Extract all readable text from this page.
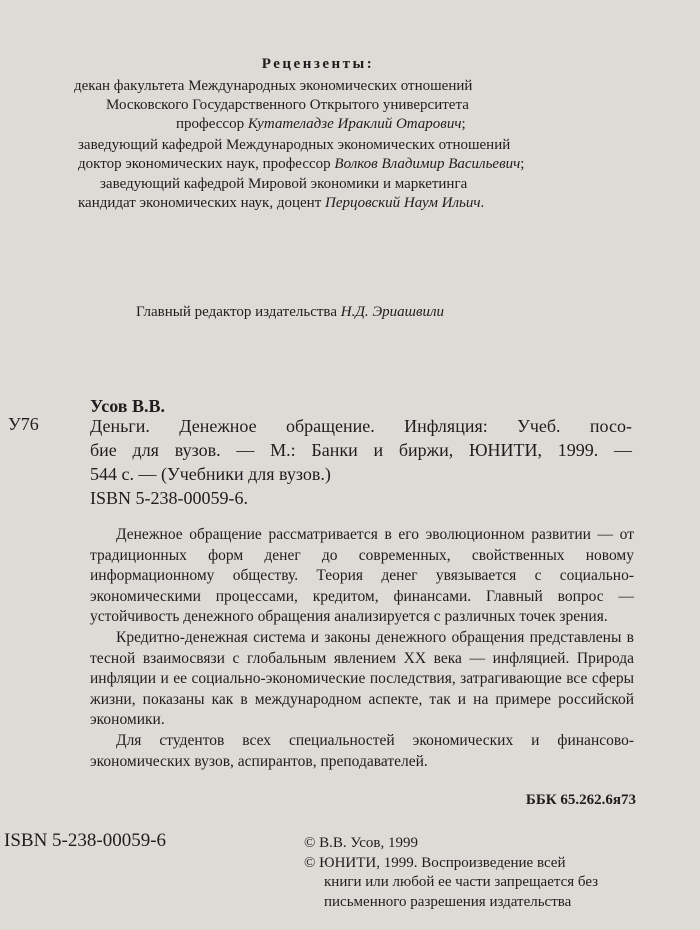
Рецензенты:
декан факультета Международных экономических отношений
Московского Государственного Открытого университета
профессор Кутателадзе Ираклий Отарович;
заведующий кафедрой Международных экономических отношений
доктор экономических наук, профессор Волков Владимир Васильевич;
заведующий кафедрой Мировой экономики и маркетинга
кандидат экономических наук, доцент Перцовский Наум Ильич.
Главный редактор издательства Н.Д. Эриашвили
Усов В.В.
У76	Деньги. Денежное обращение. Инфляция: Учеб. посо-

бие для вузов. — М.: Банки и биржи, ЮНИТИ, 1999. —

544 с. — (Учебники для вузов.)

ISBN 5-238-00059-6.

Денежное обращение рассматривается в его эволюционном развитии — от традиционных форм денег до современных, свойственных новому информационному обществу. Теория денег увязывается с социально-экономическими процессами, кредитом, финансами. Главный вопрос — устойчивость денежного обращения анализируется с различных точек зрения.

Кредитно-денежная система и законы денежного обращения представлены в тесной взаимосвязи с глобальным явлением XX века — инфляцией. Природа инфляции и ее социально-экономические последствия, затрагивающие все сферы жизни, показаны как в международном аспекте, так и на примере российской экономики.

Для студентов всех специальностей экономических и финансово-экономических вузов, аспирантов, преподавателей.

ББК 65.262.6я73
ISBN 5-238-00059-6	© В.В. Усов, 1999
© ЮНИТИ, 1999. Воспроизведение всей
книги или любой ее части запрещается без
письменного разрешения издательства
